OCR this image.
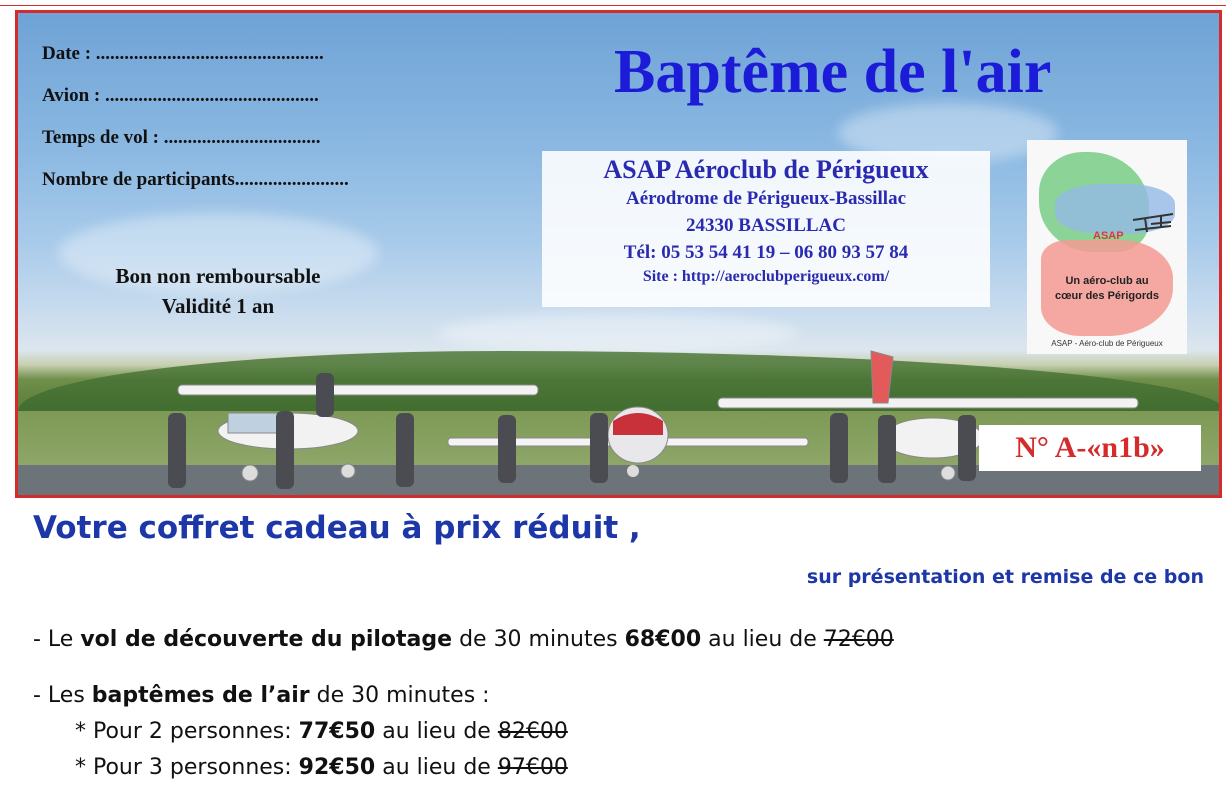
Date : ................................................
Avion : .............................................
Temps de vol : .................................
Nombre de participants........................
Bon non remboursable
Validité 1 an
Baptême de l'air
ASAP Aéroclub de Périgueux
Aérodrome de Périgueux-Bassillac
24330 BASSILLAC
Tél: 05 53 54 41 19 – 06 80 93 57 84
Site : http://aeroclubperigueux.com/
ASAP
Un aéro-club au
cœur des Périgords
ASAP - Aéro-club de Périgueux
N° A-«n1b»
Votre coffret cadeau à prix réduit ,
sur présentation et remise de ce bon
- Le vol de découverte du pilotage de 30 minutes 68€00 au lieu de 72€00
- Les baptêmes de l’air de 30 minutes :
* Pour 2 personnes: 77€50 au lieu de 82€00
* Pour 3 personnes: 92€50 au lieu de 97€00
